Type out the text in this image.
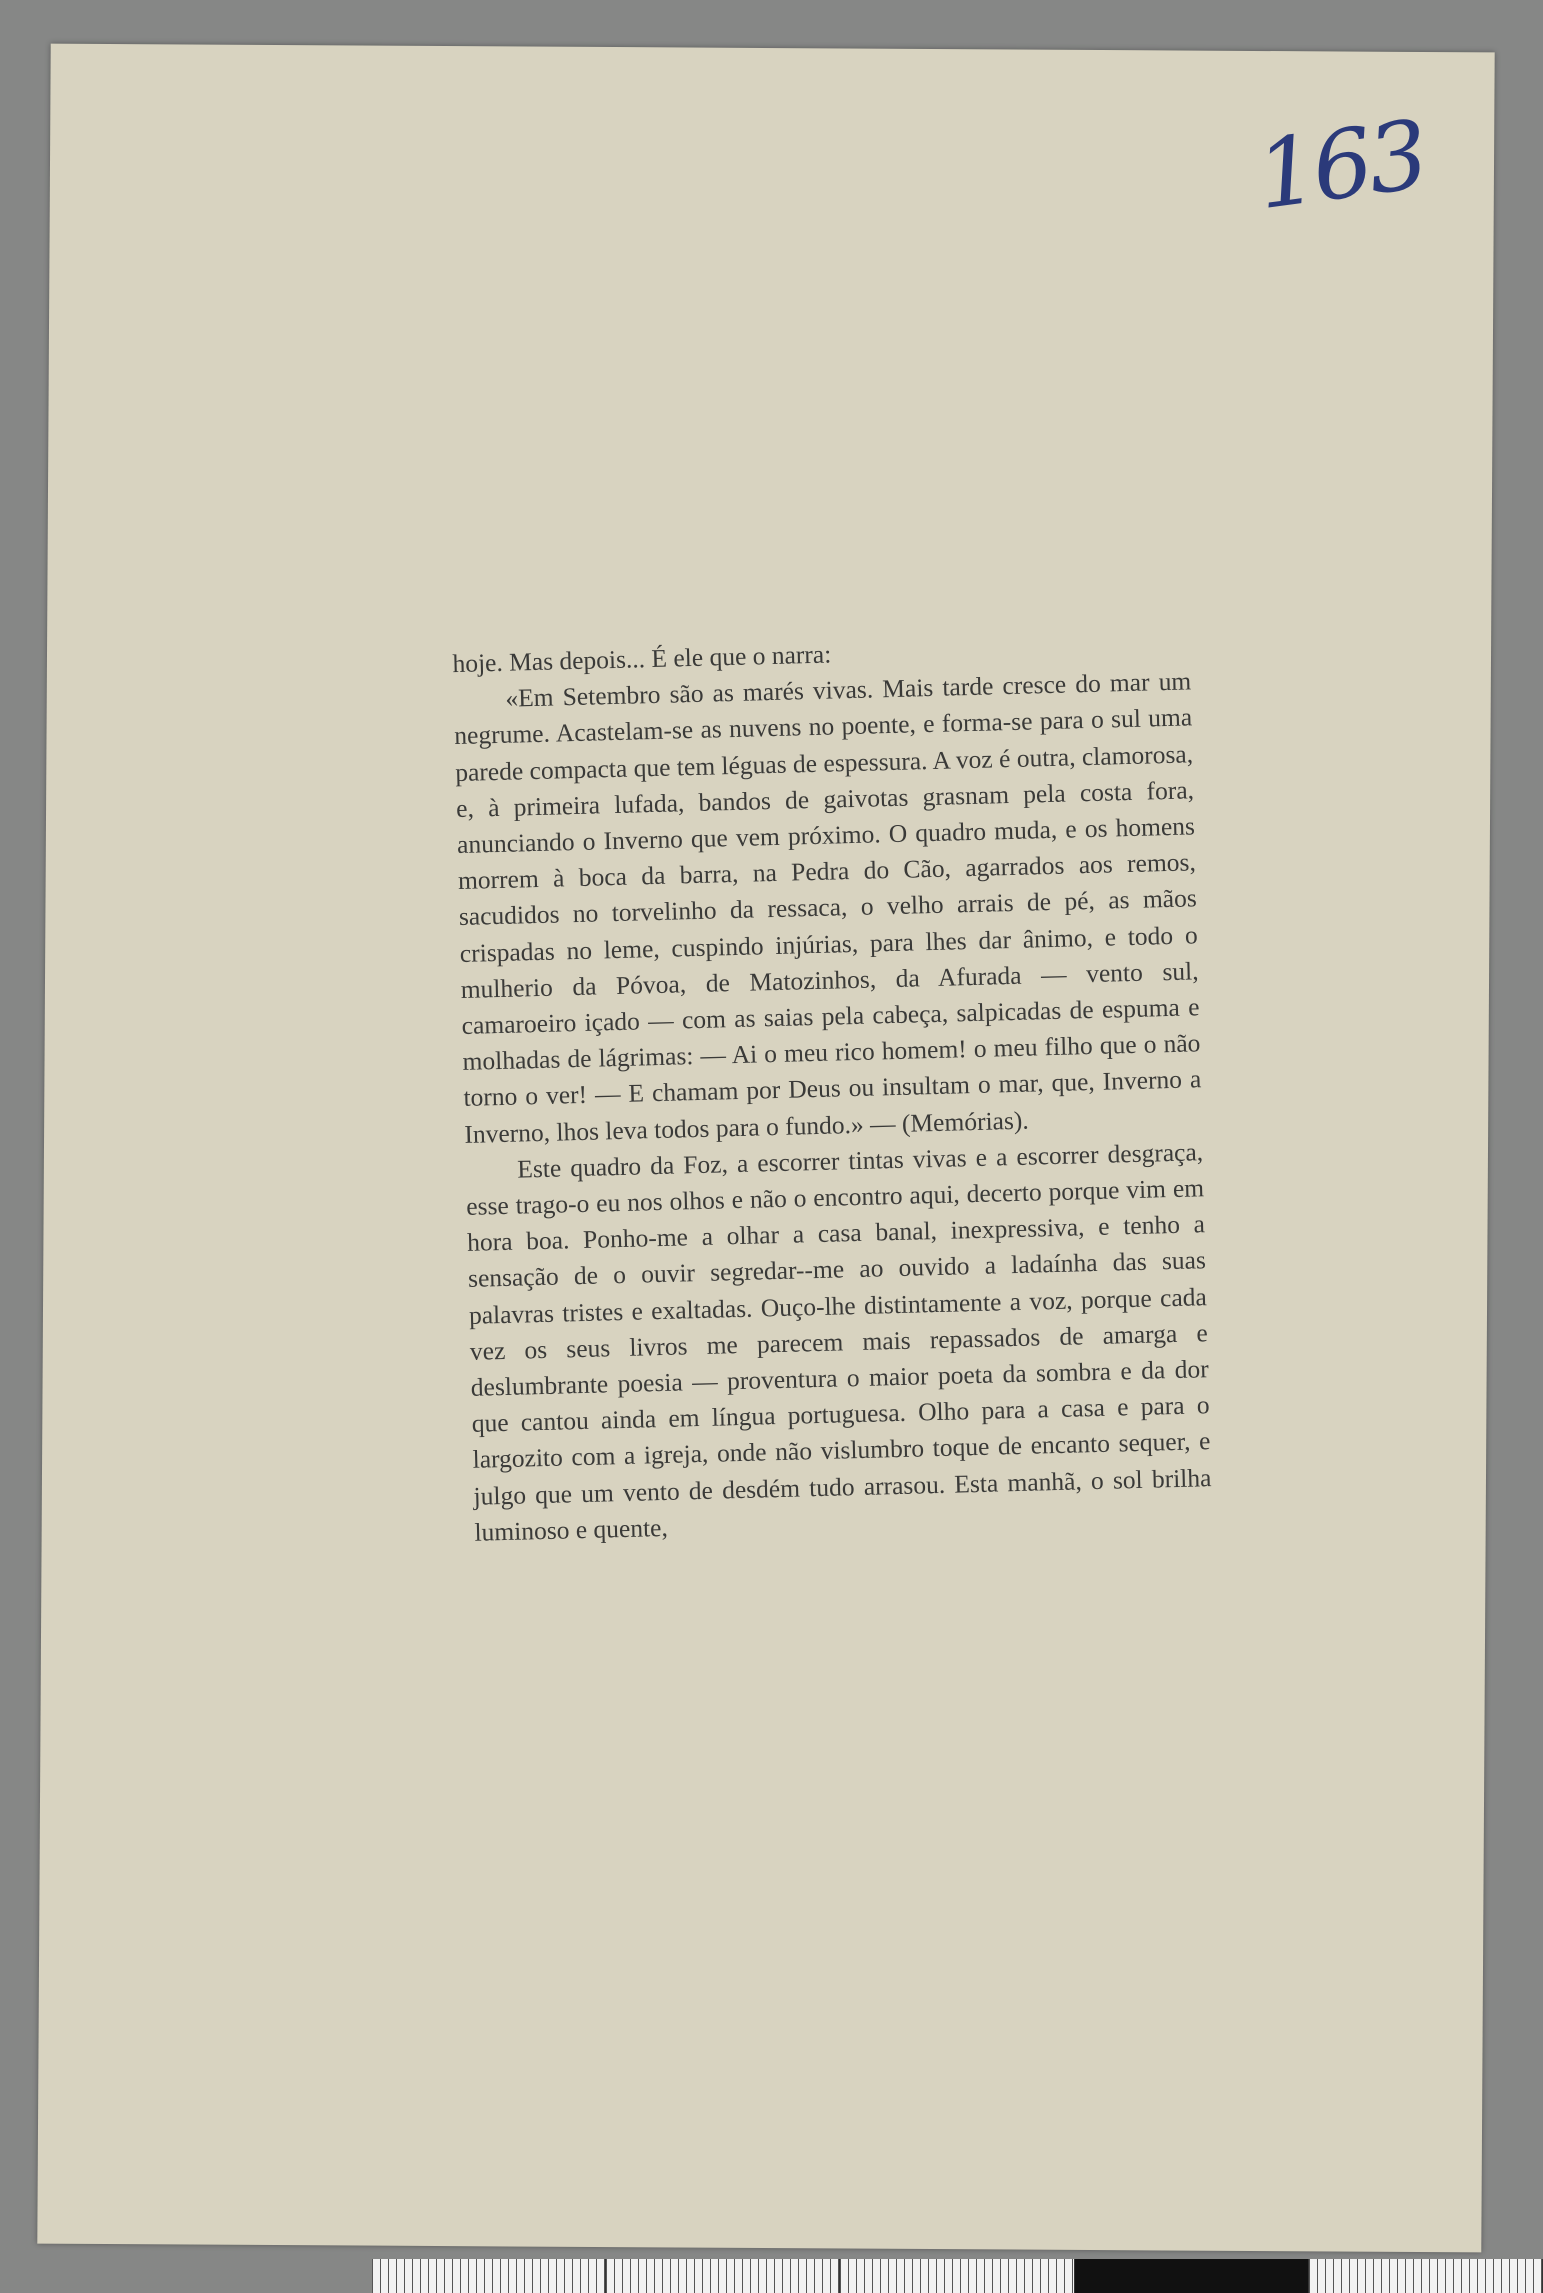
163

hoje. Mas depois... É ele que o narra:

«Em Setembro são as marés vivas. Mais tarde cresce do mar um negrume. Acastelam-se as nuvens no poente, e forma-se para o sul uma parede compacta que tem léguas de espessura. A voz é outra, clamorosa, e, à primeira lufada, bandos de gaivotas grasnam pela costa fora, anunciando o Inverno que vem próximo. O quadro muda, e os homens morrem à boca da barra, na Pedra do Cão, agarrados aos remos, sacudidos no torvelinho da ressaca, o velho arrais de pé, as mãos crispadas no leme, cuspindo injúrias, para lhes dar ânimo, e todo o mulherio da Póvoa, de Matozinhos, da Afurada — vento sul, camaroeiro içado — com as saias pela cabeça, salpicadas de espuma e molhadas de lágrimas: — Ai o meu rico homem! o meu filho que o não torno o ver! — E chamam por Deus ou insultam o mar, que, Inverno a Inverno, lhos leva todos para o fundo.» — (Memórias).

Este quadro da Foz, a escorrer tintas vivas e a escorrer desgraça, esse trago-o eu nos olhos e não o encontro aqui, decerto porque vim em hora boa. Ponho-me a olhar a casa banal, inexpressiva, e tenho a sensação de o ouvir segredar--me ao ouvido a ladaínha das suas palavras tristes e exaltadas. Ouço-lhe distintamente a voz, porque cada vez os seus livros me parecem mais repassados de amarga e deslumbrante poesia — proventura o maior poeta da sombra e da dor que cantou ainda em língua portuguesa. Olho para a casa e para o largozito com a igreja, onde não vislumbro toque de encanto sequer, e julgo que um vento de desdém tudo arrasou. Esta manhã, o sol brilha luminoso e quente,
